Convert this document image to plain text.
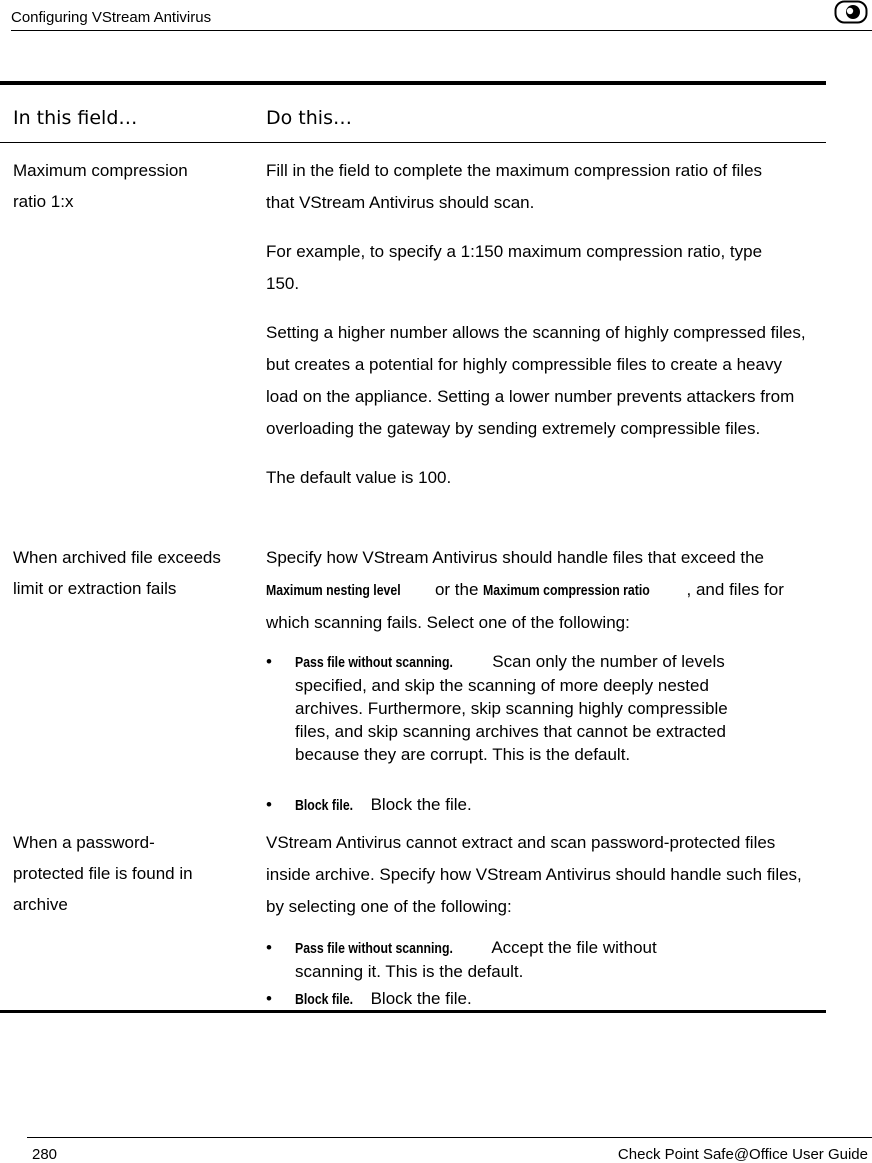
Configuring VStream Antivirus
In this field…	Do this…
Maximum compression ratio 1:x

Fill in the field to complete the maximum compression ratio of files that VStream Antivirus should scan.

For example, to specify a 1:150 maximum compression ratio, type 150.

Setting a higher number allows the scanning of highly compressed files, but creates a potential for highly compressible files to create a heavy load on the appliance. Setting a lower number prevents attackers from overloading the gateway by sending extremely compressible files.

The default value is 100.

When archived file exceeds limit or extraction fails

Specify how VStream Antivirus should handle files that exceed the Maximum nesting level or the Maximum compression ratio , and files for which scanning fails. Select one of the following:

• Pass file without scanning. Scan only the number of levels specified, and skip the scanning of more deeply nested archives. Furthermore, skip scanning highly compressible files, and skip scanning archives that cannot be extracted because they are corrupt. This is the default.
• Block file. Block the file.
When a password-protected file is found in archive

VStream Antivirus cannot extract and scan password-protected files inside archive. Specify how VStream Antivirus should handle such files, by selecting one of the following:

• Pass file without scanning. Accept the file without scanning it. This is the default.
• Block file. Block the file.
280	Check Point Safe@Office User Guide
